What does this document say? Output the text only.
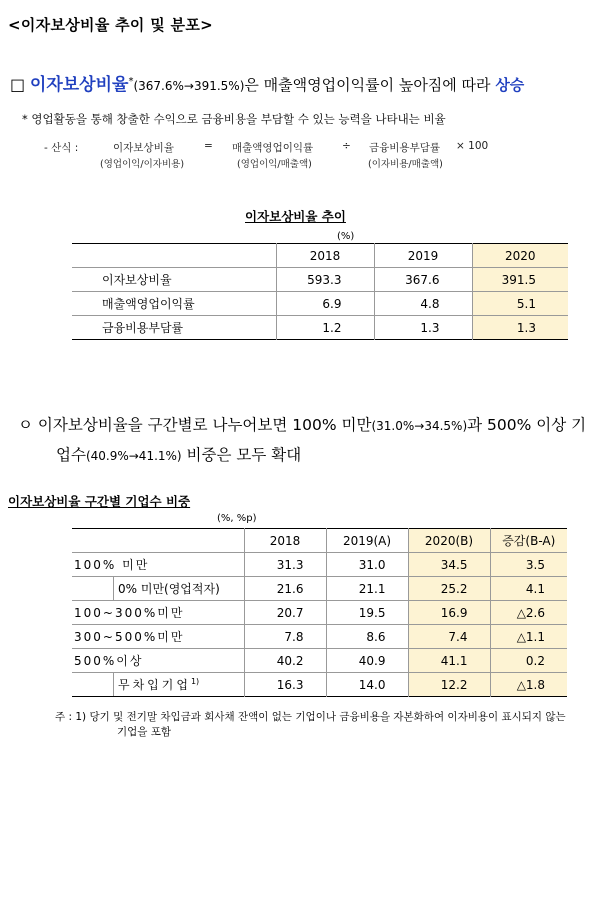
<이자보상비율 추이 및 분포>
□ 이자보상비율*(367.6%→391.5%)은 매출액영업이익률이 높아짐에 따라 상승
* 영업활동을 통해 창출한 수익으로 금융비용을 부담할 수 있는 능력을 나타내는 비율
- 산식 :	이자보상비율
(영업이익/이자비용)
= 매출액영업이익률
(영업이익/매출액)
÷ 금융비용부담률
(이자비용/매출액)
× 100
이자보상비율 추이
(%)
	2018	2019	2020
이자보상비율	593.3	367.6	391.5
매출액영업이익률	6.9	4.8	5.1
금융비용부담률	1.2	1.3	1.3
ㅇ 이자보상비율을 구간별로 나누어보면 100% 미만(31.0%→34.5%)과 500% 이상 기
업수(40.9%→41.1%) 비중은 모두 확대
이자보상비율 구간별 기업수 비중
(%, %p)
	2018	2019(A)	2020(B)	증감(B-A)
100% 미만	31.3	31.0	34.5	3.5
0% 미만(영업적자)	21.6	21.1	25.2	4.1
100~300%미만	20.7	19.5	16.9	△2.6
300~500%미만	7.8	8.6	7.4	△1.1
500%이상	40.2	40.9	41.1	0.2
무차입기업$^{1)}$	16.3	14.0	12.2	△1.8
주 : 1) 당기 및 전기말 차입금과 회사채 잔액이 없는 기업이나 금융비용을 자본화하여 이자비용이 표시되지 않는
기업을 포함
